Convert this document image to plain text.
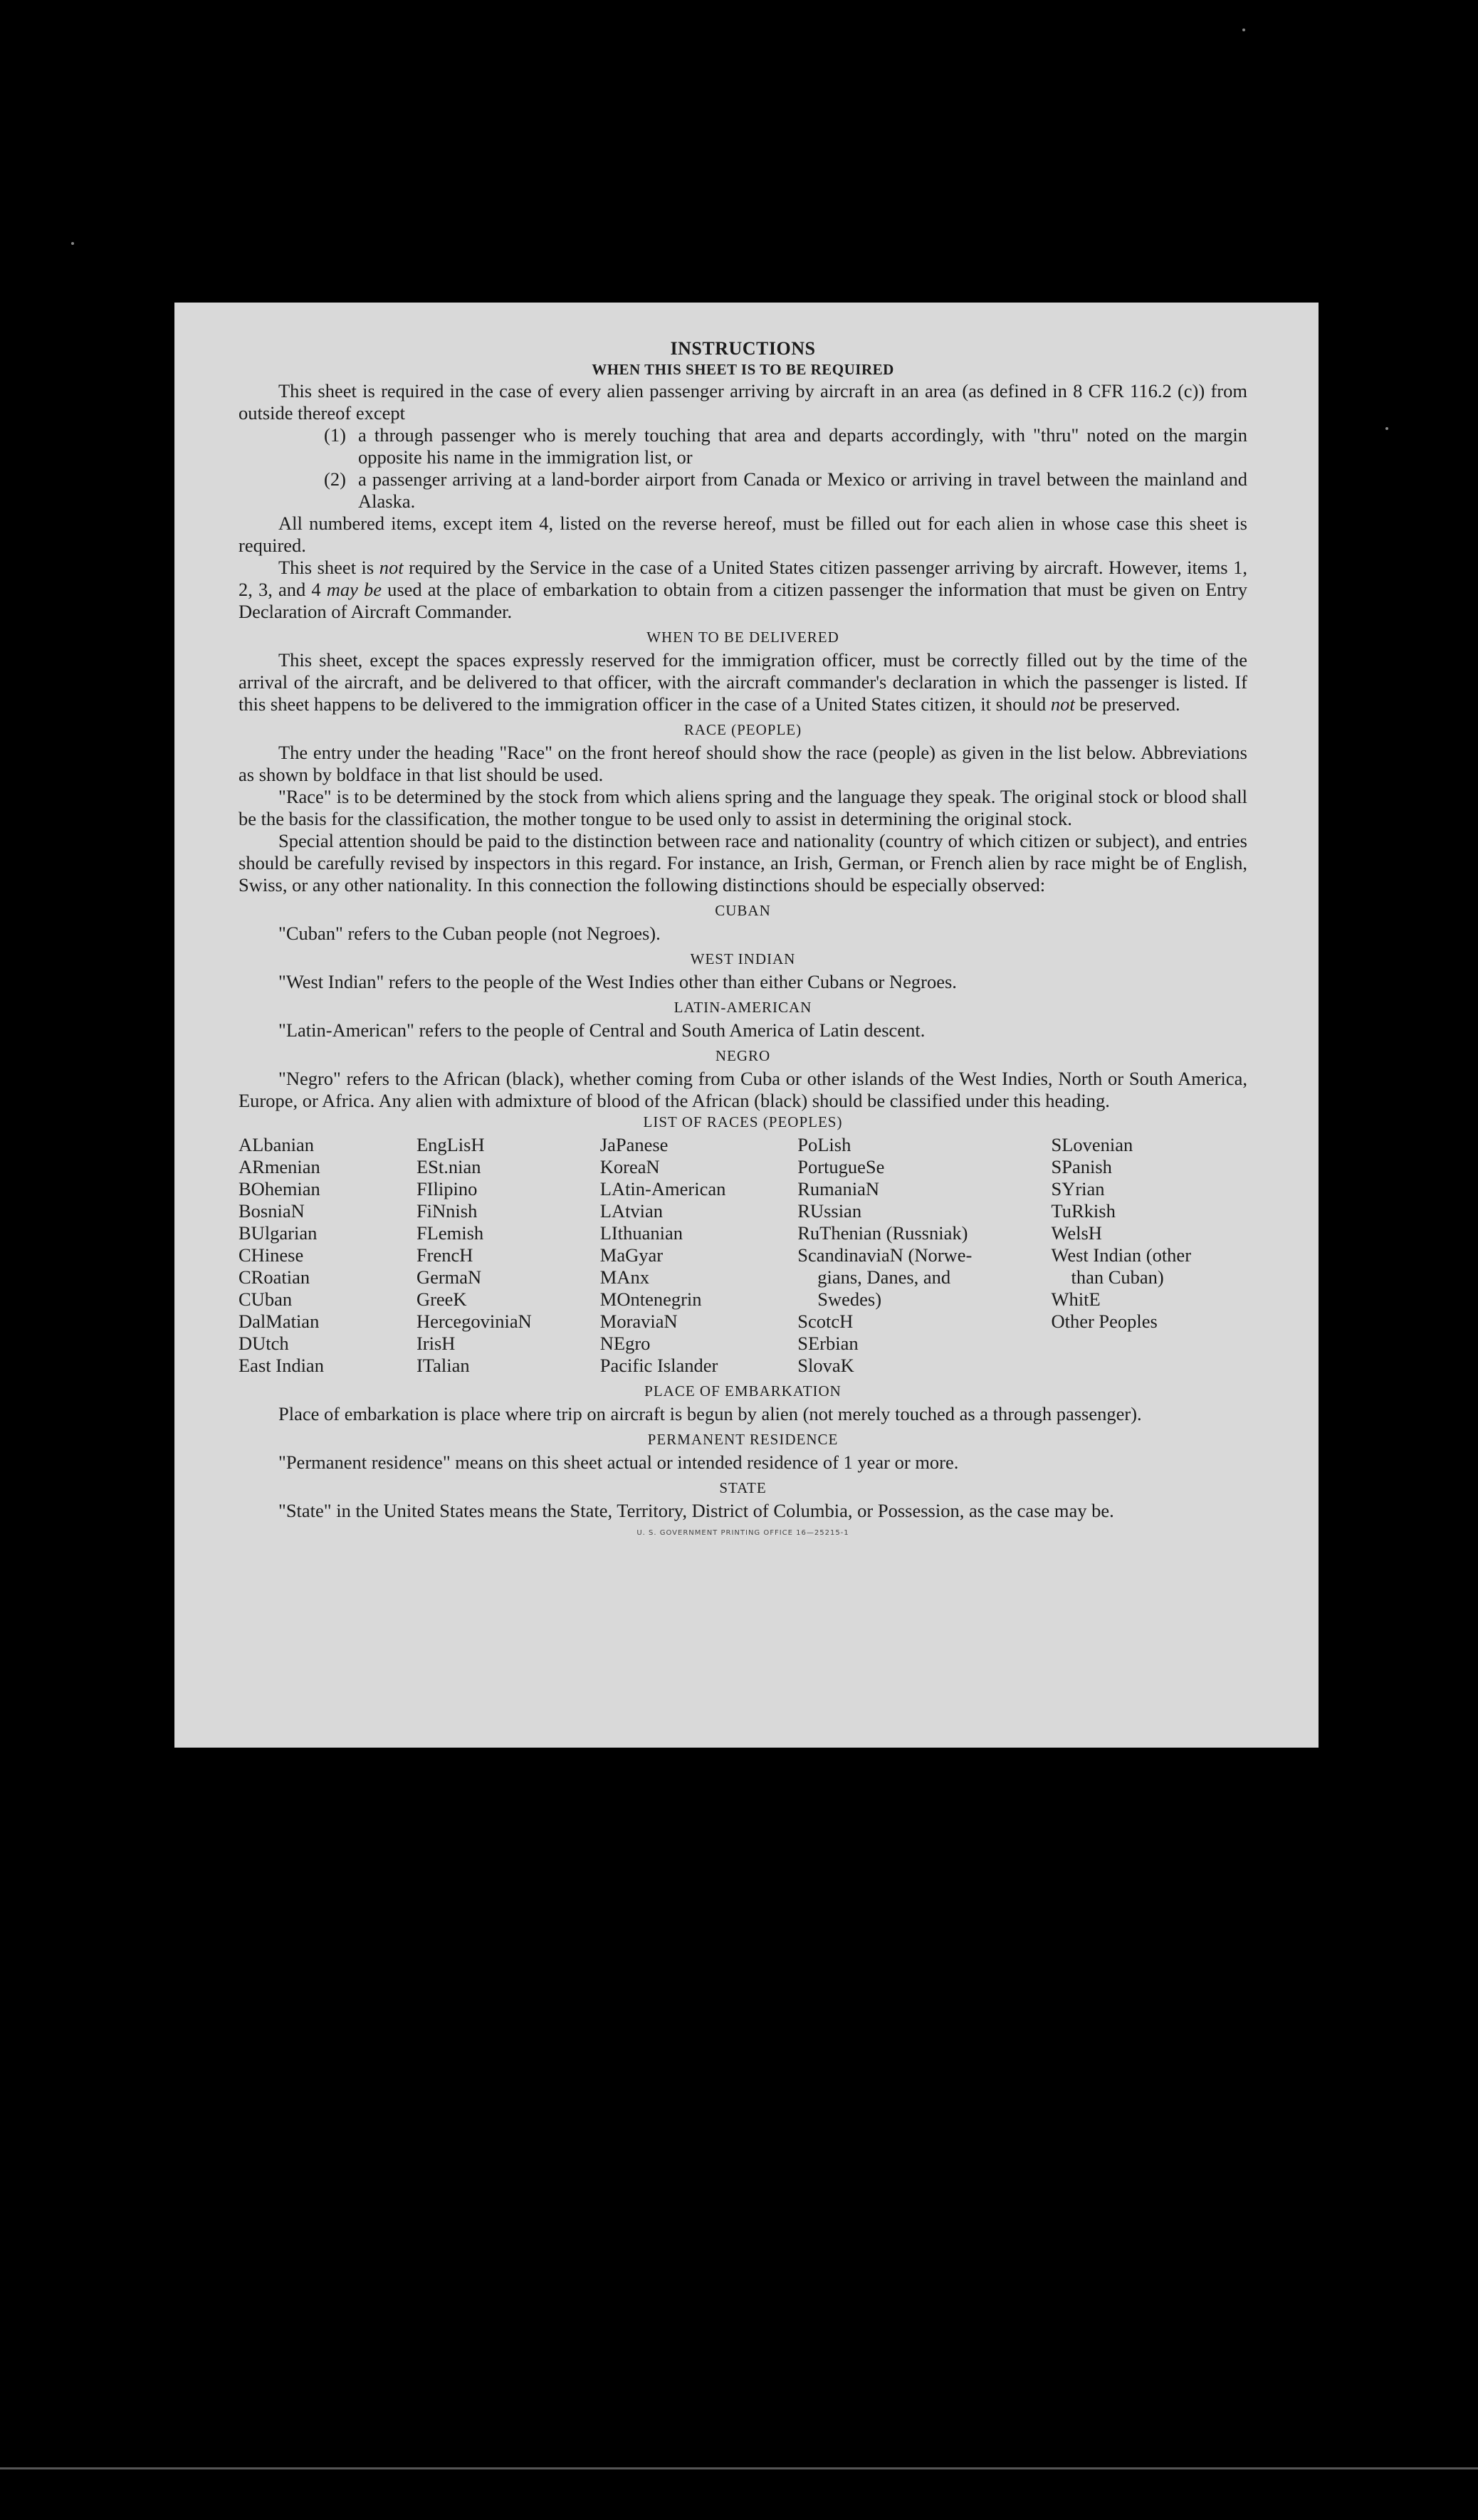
INSTRUCTIONS
WHEN THIS SHEET IS TO BE REQUIRED

This sheet is required in the case of every alien passenger arriving by aircraft in an area (as defined in 8 CFR 116.2 (c)) from outside thereof except

(1) a through passenger who is merely touching that area and departs accordingly, with "thru" noted on the margin opposite his name in the immigration list, or
(2) a passenger arriving at a land-border airport from Canada or Mexico or arriving in travel between the mainland and Alaska.

All numbered items, except item 4, listed on the reverse hereof, must be filled out for each alien in whose case this sheet is required.

This sheet is not required by the Service in the case of a United States citizen passenger arriving by aircraft. However, items 1, 2, 3, and 4 may be used at the place of embarkation to obtain from a citizen passenger the information that must be given on Entry Declaration of Aircraft Commander.

WHEN TO BE DELIVERED

This sheet, except the spaces expressly reserved for the immigration officer, must be correctly filled out by the time of the arrival of the aircraft, and be delivered to that officer, with the aircraft commander's declaration in which the passenger is listed. If this sheet happens to be delivered to the immigration officer in the case of a United States citizen, it should not be preserved.

RACE (PEOPLE)

The entry under the heading "Race" on the front hereof should show the race (people) as given in the list below. Abbreviations as shown by boldface in that list should be used.

"Race" is to be determined by the stock from which aliens spring and the language they speak. The original stock or blood shall be the basis for the classification, the mother tongue to be used only to assist in determining the original stock.

Special attention should be paid to the distinction between race and nationality (country of which citizen or subject), and entries should be carefully revised by inspectors in this regard. For instance, an Irish, German, or French alien by race might be of English, Swiss, or any other nationality. In this connection the following distinctions should be especially observed:

CUBAN

"Cuban" refers to the Cuban people (not Negroes).

WEST INDIAN

"West Indian" refers to the people of the West Indies other than either Cubans or Negroes.

LATIN-AMERICAN

"Latin-American" refers to the people of Central and South America of Latin descent.

NEGRO

"Negro" refers to the African (black), whether coming from Cuba or other islands of the West Indies, North or South America, Europe, or Africa. Any alien with admixture of blood of the African (black) should be classified under this heading.

LIST OF RACES (PEOPLES)
ALbanian
ARmenian
BOhemian
BosniaN
BUlgarian
CHinese
CRoatian
CUban
DalMatian
DUtch
East Indian
EngLisH
ESt.nian
FIlipino
FiNnish
FLemish
FrencH
GermaN
GreeK
HercegoviniaN
IrisH
ITalian
JaPanese
KoreaN
LAtin-American
LAtvian
LIthuanian
MaGyar
MAnx
MOntenegrin
MoraviaN
NEgro
Pacific Islander
PoLish
PortugueSe
RumaniaN
RUssian
RuThenian (Russniak)
ScandinaviaN (Norwe-
gians, Danes, and
Swedes)
ScotcH
SErbian
SlovaK
SLovenian
SPanish
SYrian
TuRkish
WelsH
West Indian (other
than Cuban)
WhitE
Other Peoples
PLACE OF EMBARKATION

Place of embarkation is place where trip on aircraft is begun by alien (not merely touched as a through passenger).

PERMANENT RESIDENCE

"Permanent residence" means on this sheet actual or intended residence of 1 year or more.

STATE

"State" in the United States means the State, Territory, District of Columbia, or Possession, as the case may be.

U. S. GOVERNMENT PRINTING OFFICE 16—25215-1
